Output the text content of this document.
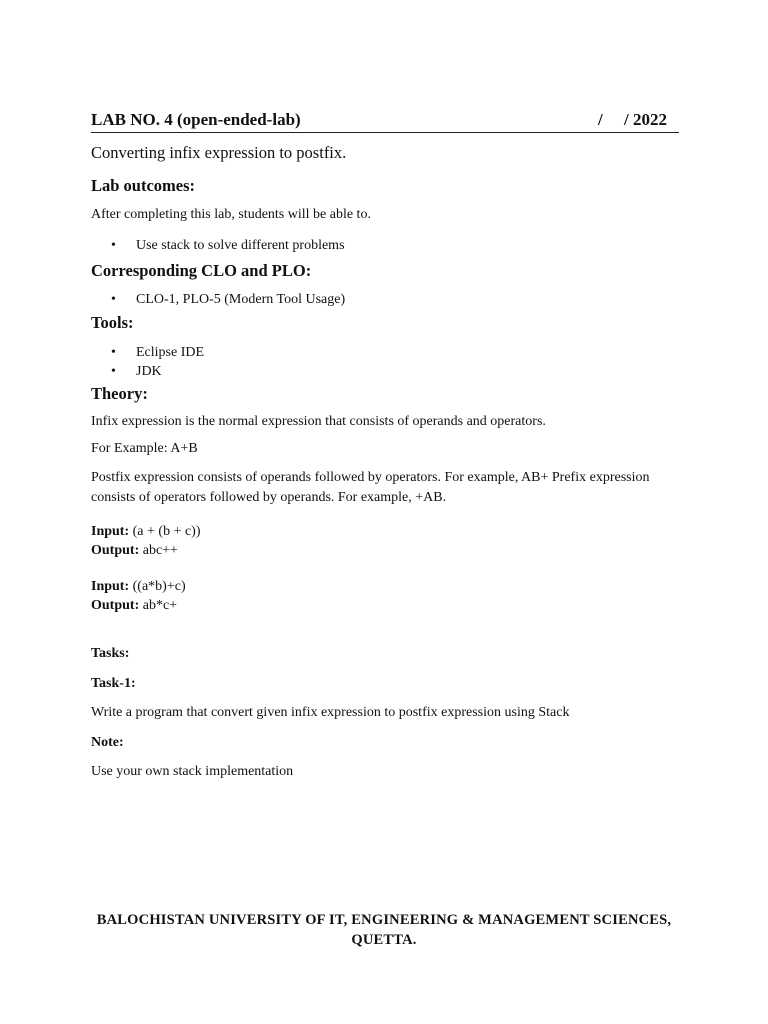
LAB NO. 4 (open-ended-lab)	/     / 2022
Converting infix expression to postfix.
Lab outcomes:
After completing this lab, students will be able to.
• Use stack to solve different problems
Corresponding CLO and PLO:
• CLO-1, PLO-5 (Modern Tool Usage)
Tools:
• Eclipse IDE
• JDK
Theory:
Infix expression is the normal expression that consists of operands and operators.
For Example: A+B
Postfix expression consists of operands followed by operators. For example, AB+ Prefix expression consists of operators followed by operands. For example, +AB.
Input: (a + (b + c))
Output: abc++
Input: ((a*b)+c)
Output: ab*c+
Tasks:
Task-1:
Write a program that convert given infix expression to postfix expression using Stack
Note:
Use your own stack implementation
BALOCHISTAN UNIVERSITY OF IT, ENGINEERING & MANAGEMENT SCIENCES,
QUETTA.
